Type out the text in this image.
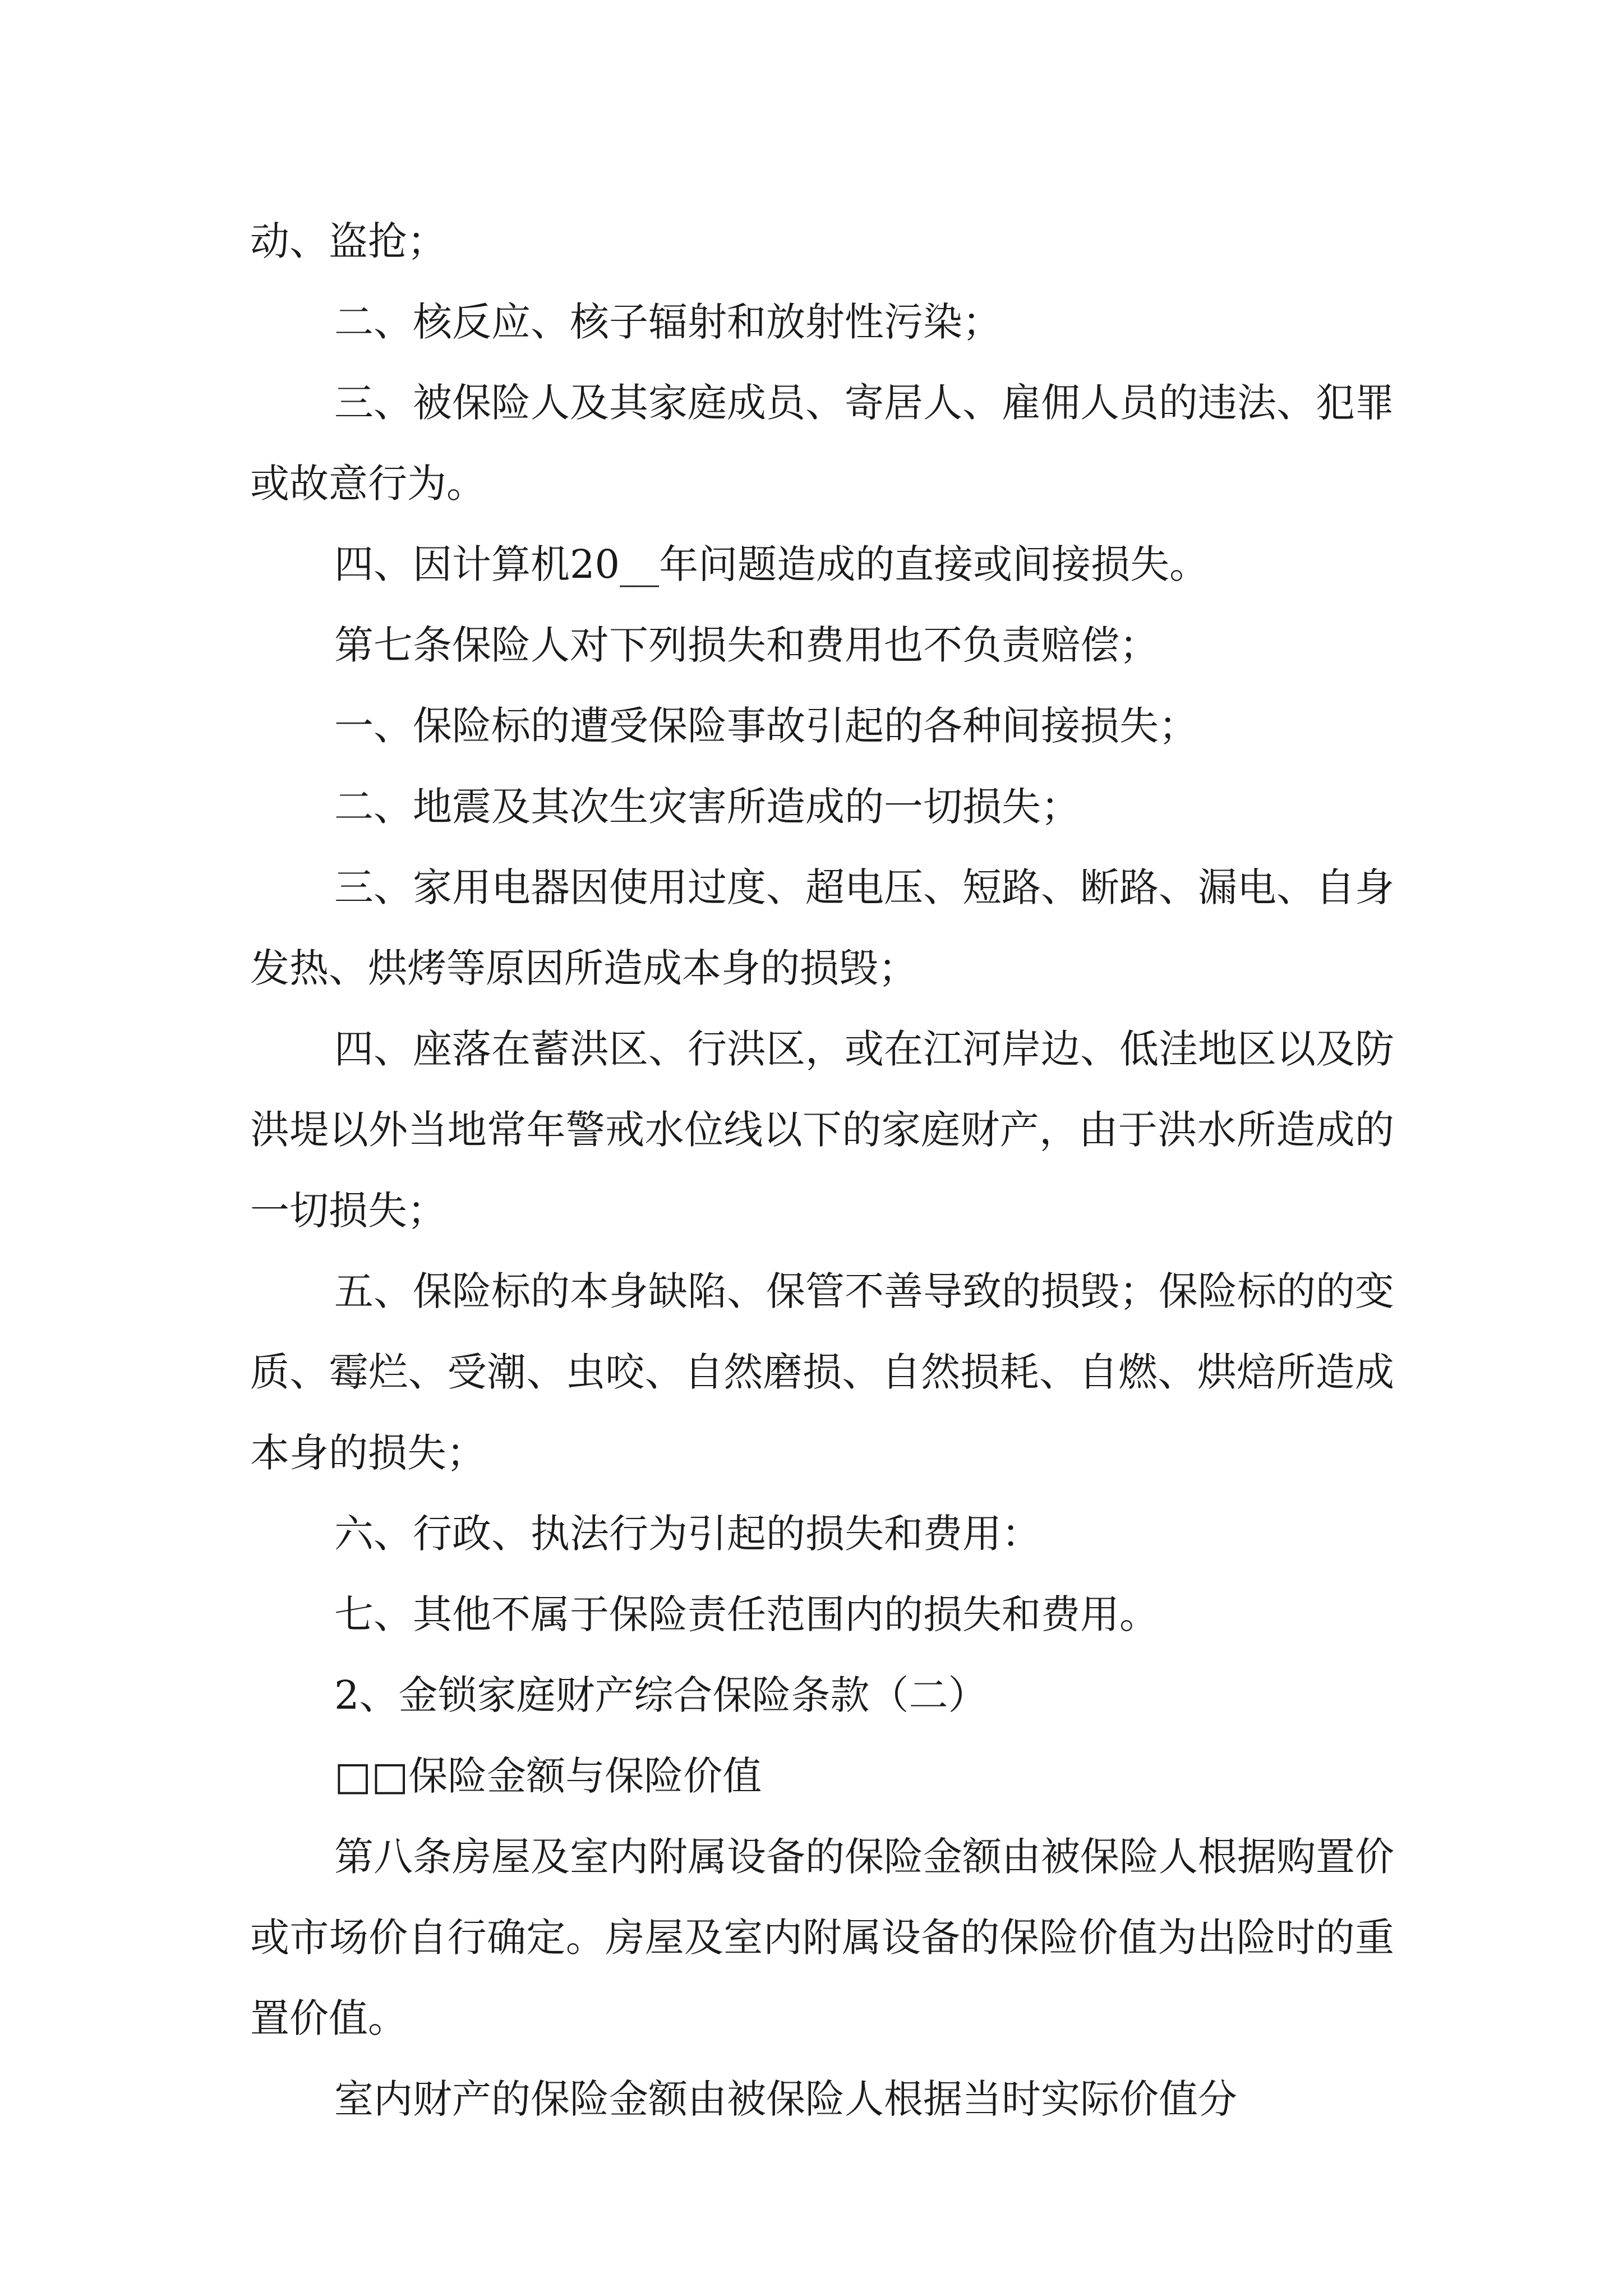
动、盗抢；

二、核反应、核子辐射和放射性污染；

三、被保险人及其家庭成员、寄居人、雇佣人员的违法、犯罪或故意行为。

四、因计算机20__年问题造成的直接或间接损失。

第七条保险人对下列损失和费用也不负责赔偿；

一、保险标的遭受保险事故引起的各种间接损失；

二、地震及其次生灾害所造成的一切损失；

三、家用电器因使用过度、超电压、短路、断路、漏电、自身发热、烘烤等原因所造成本身的损毁；

四、座落在蓄洪区、行洪区，或在江河岸边、低洼地区以及防洪堤以外当地常年警戒水位线以下的家庭财产，由于洪水所造成的一切损失；

五、保险标的本身缺陷、保管不善导致的损毁；保险标的的变质、霉烂、受潮、虫咬、自然磨损、自然损耗、自燃、烘焙所造成本身的损失；

六、行政、执法行为引起的损失和费用：

七、其他不属于保险责任范围内的损失和费用。

2、金锁家庭财产综合保险条款（二）

□□保险金额与保险价值

第八条房屋及室内附属设备的保险金额由被保险人根据购置价或市场价自行确定。房屋及室内附属设备的保险价值为出险时的重置价值。

室内财产的保险金额由被保险人根据当时实际价值分
